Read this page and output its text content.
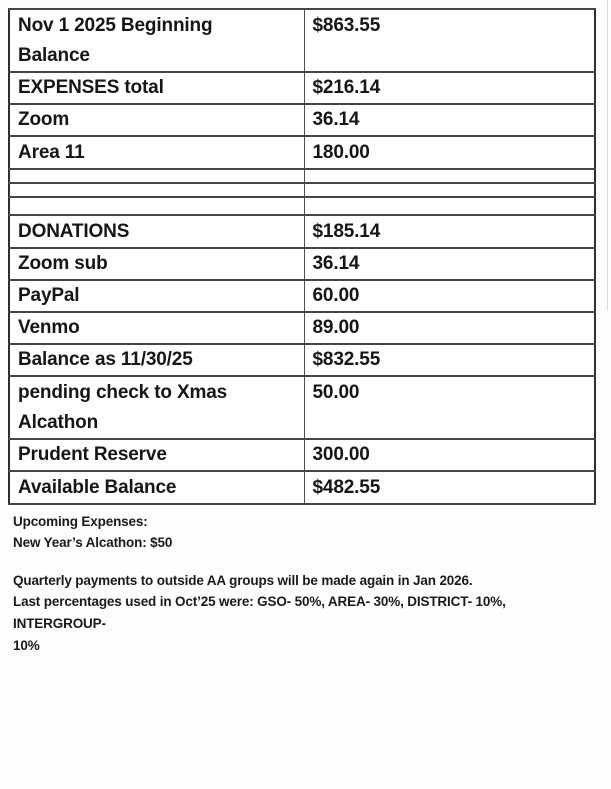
Nov 1 2025 Beginning Balance	$863.55
EXPENSES total	$216.14
Zoom	36.14
Area 11	180.00

DONATIONS	$185.14
Zoom sub	36.14
PayPal	60.00
Venmo	89.00
Balance as 11/30/25	$832.55
pending check to Xmas Alcathon	50.00
Prudent Reserve	300.00
Available Balance	$482.55
Upcoming Expenses:
New Year’s Alcathon: $50
Quarterly payments to outside AA groups will be made again in Jan 2026.
Last percentages used in Oct’25 were: GSO- 50%, AREA- 30%, DISTRICT- 10%, INTERGROUP-
10%
